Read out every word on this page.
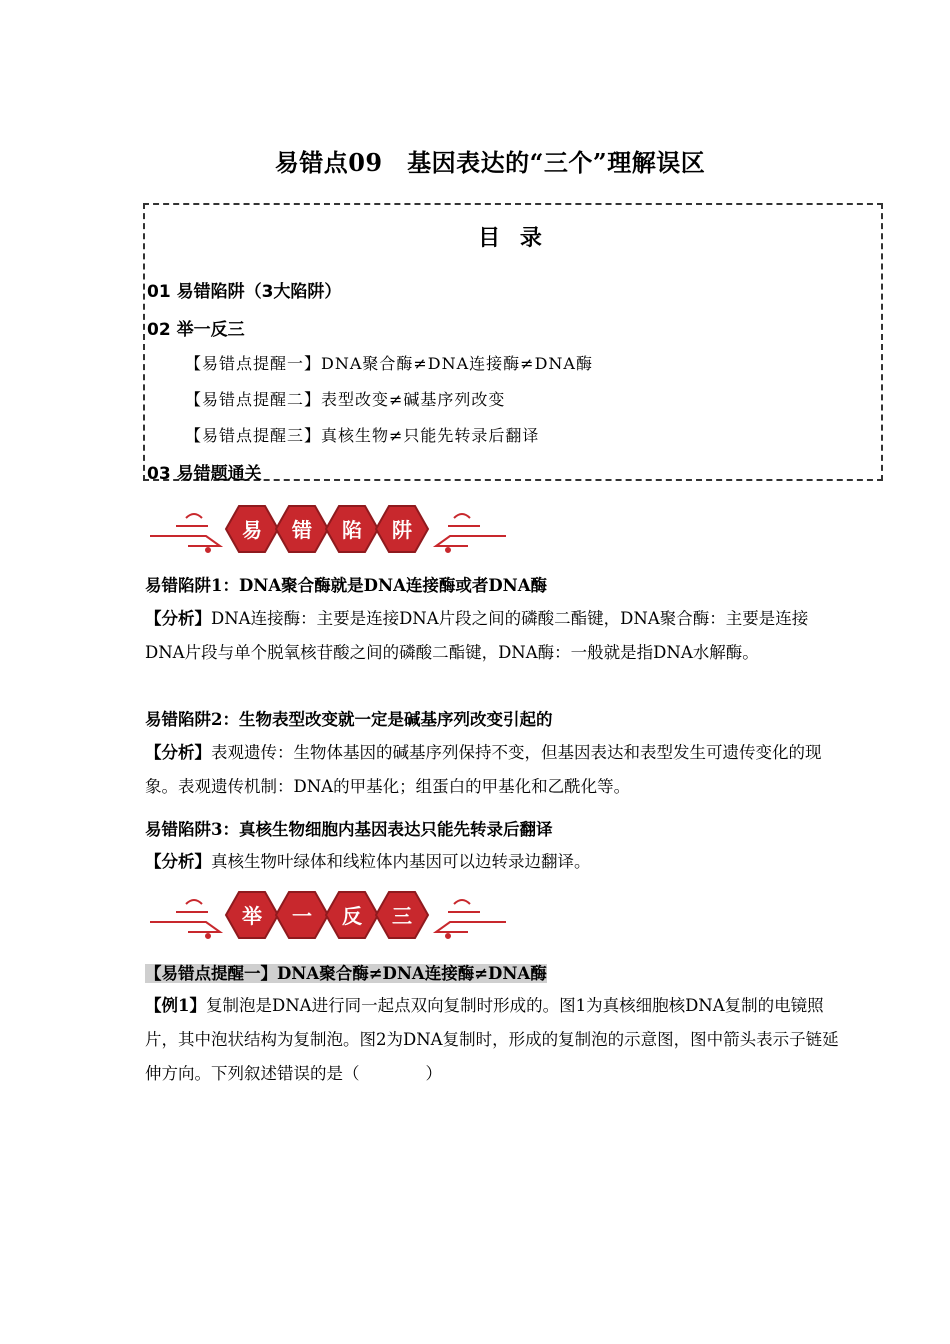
易错点09　基因表达的“三个”理解误区
目 录
01 易错陷阱（3大陷阱）
02 举一反三
【易错点提醒一】DNA聚合酶≠DNA连接酶≠DNA酶
【易错点提醒二】表型改变≠碱基序列改变
【易错点提醒三】真核生物≠只能先转录后翻译
03 易错题通关
易 错 陷 阱
易错陷阱1：DNA聚合酶就是DNA连接酶或者DNA酶
【分析】DNA连接酶：主要是连接DNA片段之间的磷酸二酯键，DNA聚合酶：主要是连接DNA片段与单个脱氧核苷酸之间的磷酸二酯键，DNA酶：一般就是指DNA水解酶。
易错陷阱2：生物表型改变就一定是碱基序列改变引起的
【分析】表观遗传：生物体基因的碱基序列保持不变，但基因表达和表型发生可遗传变化的现象。表观遗传机制：DNA的甲基化；组蛋白的甲基化和乙酰化等。
易错陷阱3：真核生物细胞内基因表达只能先转录后翻译
【分析】真核生物叶绿体和线粒体内基因可以边转录边翻译。
举 一 反 三
【易错点提醒一】DNA聚合酶≠DNA连接酶≠DNA酶
【例1】复制泡是DNA进行同一起点双向复制时形成的。图1为真核细胞核DNA复制的电镜照片，其中泡状结构为复制泡。图2为DNA复制时，形成的复制泡的示意图，图中箭头表示子链延伸方向。下列叙述错误的是（　　　　）
